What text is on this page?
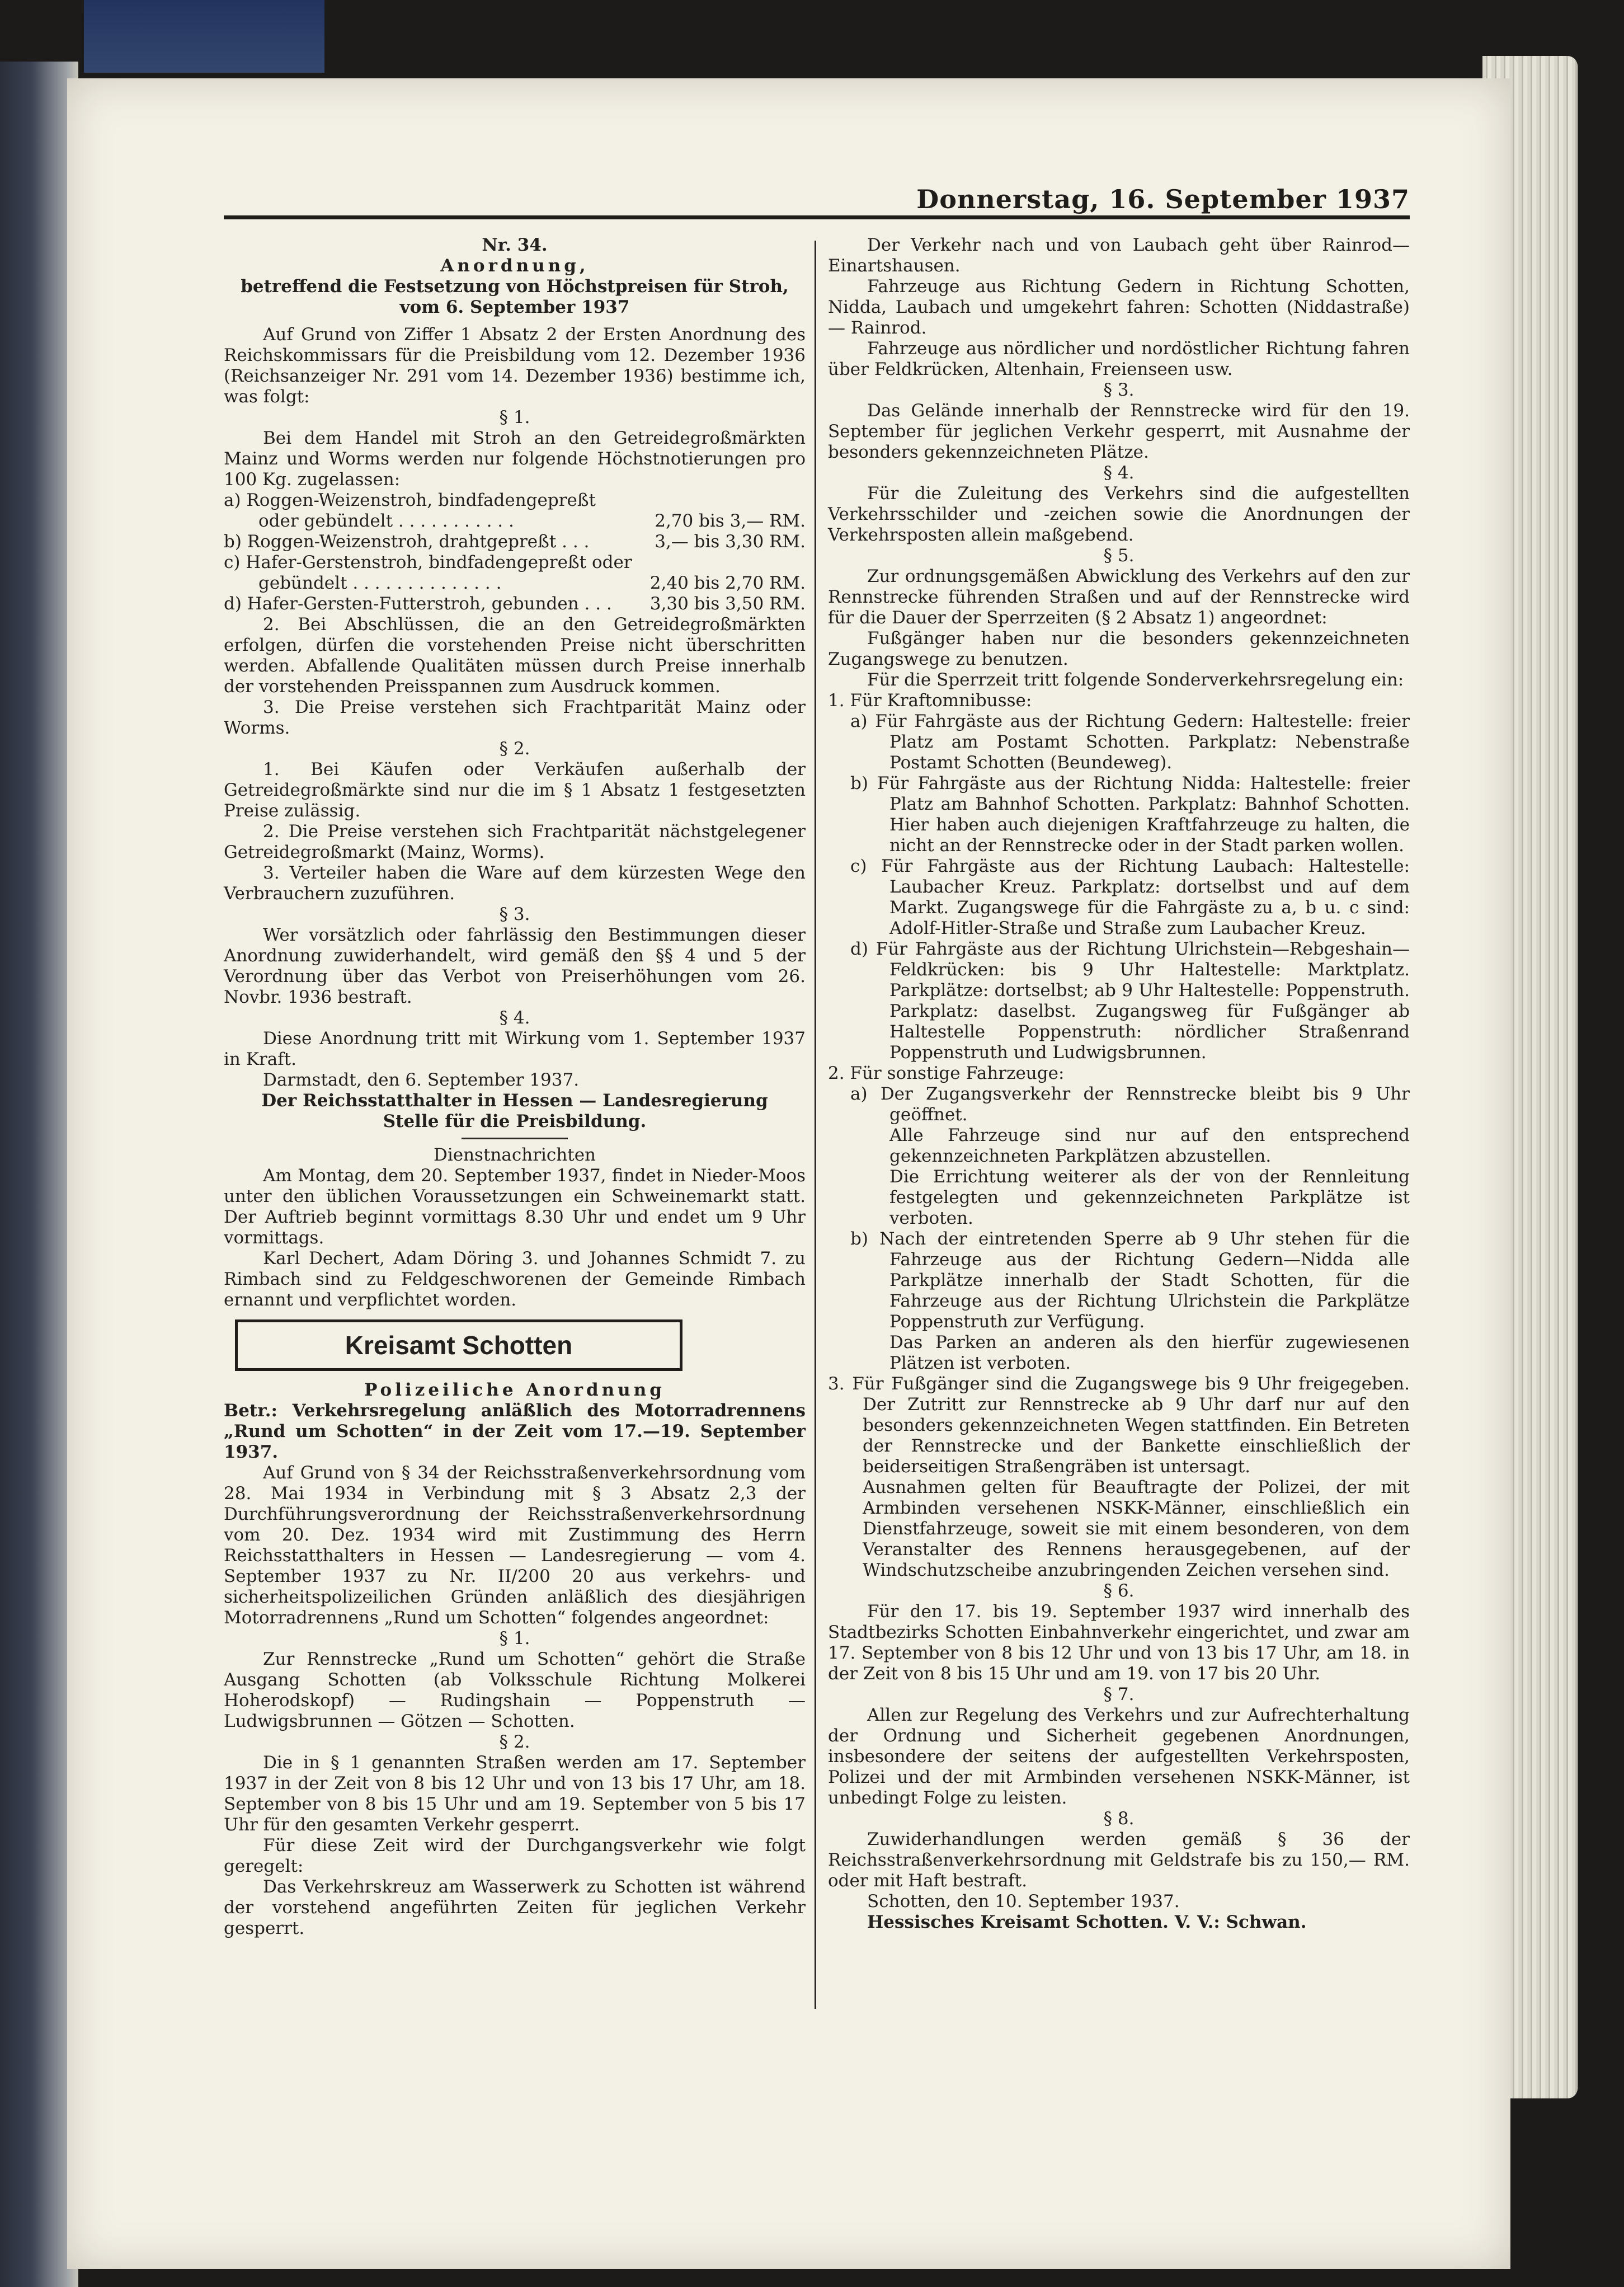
Donnerstag, 16. September 1937

Nr. 34.

Anordnung,

betreffend die Festsetzung von Höchstpreisen für Stroh,

vom 6. September 1937

Auf Grund von Ziffer 1 Absatz 2 der Ersten Anordnung des Reichskommissars für die Preisbildung vom 12. Dezember 1936 (Reichsanzeiger Nr. 291 vom 14. Dezember 1936) bestimme ich, was folgt:

§ 1.

Bei dem Handel mit Stroh an den Getreidegroßmärkten Mainz und Worms werden nur folgende Höchstnotierungen pro 100 Kg. zugelassen:

a) Roggen-Weizenstroh, bindfadengepreßt

oder gebündelt . . . . . . . . . . .	2,70 bis 3,— RM.
b) Roggen-Weizenstroh, drahtgepreßt . . .	3,— bis 3,30 RM.

c) Hafer-Gerstenstroh, bindfadengepreßt oder

gebündelt . . . . . . . . . . . . . .	2,40 bis 2,70 RM.
d) Hafer-Gersten-Futterstroh, gebunden . . . 3,30 bis 3,50 RM.

2. Bei Abschlüssen, die an den Getreidegroßmärkten erfolgen, dürfen die vorstehenden Preise nicht überschritten werden. Abfallende Qualitäten müssen durch Preise innerhalb der vorstehenden Preisspannen zum Ausdruck kommen.

3. Die Preise verstehen sich Frachtparität Mainz oder Worms.

§ 2.

1. Bei Käufen oder Verkäufen außerhalb der Getreidegroßmärkte sind nur die im § 1 Absatz 1 festgesetzten Preise zulässig.

2. Die Preise verstehen sich Frachtparität nächstgelegener Getreidegroßmarkt (Mainz, Worms).

3. Verteiler haben die Ware auf dem kürzesten Wege den Verbrauchern zuzuführen.

§ 3.

Wer vorsätzlich oder fahrlässig den Bestimmungen dieser Anordnung zuwiderhandelt, wird gemäß den §§ 4 und 5 der Verordnung über das Verbot von Preiserhöhungen vom 26. Novbr. 1936 bestraft.

§ 4.

Diese Anordnung tritt mit Wirkung vom 1. September 1937 in Kraft.

Darmstadt, den 6. September 1937.

Der Reichsstatthalter in Hessen — Landesregierung

Stelle für die Preisbildung.

Dienstnachrichten

Am Montag, dem 20. September 1937, findet in Nieder-Moos unter den üblichen Voraussetzungen ein Schweinemarkt statt. Der Auftrieb beginnt vormittags 8.30 Uhr und endet um 9 Uhr vormittags.

Karl Dechert, Adam Döring 3. und Johannes Schmidt 7. zu Rimbach sind zu Feldgeschworenen der Gemeinde Rimbach ernannt und verpflichtet worden.

Kreisamt Schotten

Polizeiliche Anordnung

Betr.: Verkehrsregelung anläßlich des Motorradrennens „Rund um Schotten“ in der Zeit vom 17.—19. September 1937.

Auf Grund von § 34 der Reichsstraßenverkehrsordnung vom 28. Mai 1934 in Verbindung mit § 3 Absatz 2,3 der Durchführungsverordnung der Reichsstraßenverkehrsordnung vom 20. Dez. 1934 wird mit Zustimmung des Herrn Reichsstatthalters in Hessen — Landesregierung — vom 4. September 1937 zu Nr. II/200 20 aus verkehrs- und sicherheitspolizeilichen Gründen anläßlich des diesjährigen Motorradrennens „Rund um Schotten“ folgendes angeordnet:

§ 1.

Zur Rennstrecke „Rund um Schotten“ gehört die Straße Ausgang Schotten (ab Volksschule Richtung Molkerei Hoherodskopf) — Rudingshain — Poppenstruth — Ludwigsbrunnen — Götzen — Schotten.

§ 2.

Die in § 1 genannten Straßen werden am 17. September 1937 in der Zeit von 8 bis 12 Uhr und von 13 bis 17 Uhr, am 18. September von 8 bis 15 Uhr und am 19. September von 5 bis 17 Uhr für den gesamten Verkehr gesperrt.

Für diese Zeit wird der Durchgangsverkehr wie folgt geregelt:

Das Verkehrskreuz am Wasserwerk zu Schotten ist während der vorstehend angeführten Zeiten für jeglichen Verkehr gesperrt.

Der Verkehr nach und von Laubach geht über Rainrod—Einartshausen.

Fahrzeuge aus Richtung Gedern in Richtung Schotten, Nidda, Laubach und umgekehrt fahren: Schotten (Niddastraße) — Rainrod.

Fahrzeuge aus nördlicher und nordöstlicher Richtung fahren über Feldkrücken, Altenhain, Freienseen usw.

§ 3.

Das Gelände innerhalb der Rennstrecke wird für den 19. September für jeglichen Verkehr gesperrt, mit Ausnahme der besonders gekennzeichneten Plätze.

§ 4.

Für die Zuleitung des Verkehrs sind die aufgestellten Verkehrsschilder und -zeichen sowie die Anordnungen der Verkehrsposten allein maßgebend.

§ 5.

Zur ordnungsgemäßen Abwicklung des Verkehrs auf den zur Rennstrecke führenden Straßen und auf der Rennstrecke wird für die Dauer der Sperrzeiten (§ 2 Absatz 1) angeordnet:

Fußgänger haben nur die besonders gekennzeichneten Zugangswege zu benutzen.

Für die Sperrzeit tritt folgende Sonderverkehrsregelung ein:

1. Für Kraftomnibusse:

a) Für Fahrgäste aus der Richtung Gedern: Haltestelle: freier Platz am Postamt Schotten. Parkplatz: Nebenstraße Postamt Schotten (Beundeweg).

b) Für Fahrgäste aus der Richtung Nidda: Haltestelle: freier Platz am Bahnhof Schotten. Parkplatz: Bahnhof Schotten. Hier haben auch diejenigen Kraftfahrzeuge zu halten, die nicht an der Rennstrecke oder in der Stadt parken wollen.

c) Für Fahrgäste aus der Richtung Laubach: Haltestelle: Laubacher Kreuz. Parkplatz: dortselbst und auf dem Markt. Zugangswege für die Fahrgäste zu a, b u. c sind: Adolf-Hitler-Straße und Straße zum Laubacher Kreuz.

d) Für Fahrgäste aus der Richtung Ulrichstein—Rebgeshain—Feldkrücken: bis 9 Uhr Haltestelle: Marktplatz. Parkplätze: dortselbst; ab 9 Uhr Haltestelle: Poppenstruth. Parkplatz: daselbst. Zugangsweg für Fußgänger ab Haltestelle Poppenstruth: nördlicher Straßenrand Poppenstruth und Ludwigsbrunnen.

2. Für sonstige Fahrzeuge:

a) Der Zugangsverkehr der Rennstrecke bleibt bis 9 Uhr geöffnet.

Alle Fahrzeuge sind nur auf den entsprechend gekennzeichneten Parkplätzen abzustellen.

Die Errichtung weiterer als der von der Rennleitung festgelegten und gekennzeichneten Parkplätze ist verboten.

b) Nach der eintretenden Sperre ab 9 Uhr stehen für die Fahrzeuge aus der Richtung Gedern—Nidda alle Parkplätze innerhalb der Stadt Schotten, für die Fahrzeuge aus der Richtung Ulrichstein die Parkplätze Poppenstruth zur Verfügung.

Das Parken an anderen als den hierfür zugewiesenen Plätzen ist verboten.

3. Für Fußgänger sind die Zugangswege bis 9 Uhr freigegeben. Der Zutritt zur Rennstrecke ab 9 Uhr darf nur auf den besonders gekennzeichneten Wegen stattfinden. Ein Betreten der Rennstrecke und der Bankette einschließlich der beiderseitigen Straßengräben ist untersagt.

Ausnahmen gelten für Beauftragte der Polizei, der mit Armbinden versehenen NSKK-Männer, einschließlich ein Dienstfahrzeuge, soweit sie mit einem besonderen, von dem Veranstalter des Rennens herausgegebenen, auf der Windschutzscheibe anzubringenden Zeichen versehen sind.

§ 6.

Für den 17. bis 19. September 1937 wird innerhalb des Stadtbezirks Schotten Einbahnverkehr eingerichtet, und zwar am 17. September von 8 bis 12 Uhr und von 13 bis 17 Uhr, am 18. in der Zeit von 8 bis 15 Uhr und am 19. von 17 bis 20 Uhr.

§ 7.

Allen zur Regelung des Verkehrs und zur Aufrechterhaltung der Ordnung und Sicherheit gegebenen Anordnungen, insbesondere der seitens der aufgestellten Verkehrsposten, Polizei und der mit Armbinden versehenen NSKK-Männer, ist unbedingt Folge zu leisten.

§ 8.

Zuwiderhandlungen werden gemäß § 36 der Reichsstraßenverkehrsordnung mit Geldstrafe bis zu 150,— RM. oder mit Haft bestraft.

Schotten, den 10. September 1937.

Hessisches Kreisamt Schotten. V. V.: Schwan.
